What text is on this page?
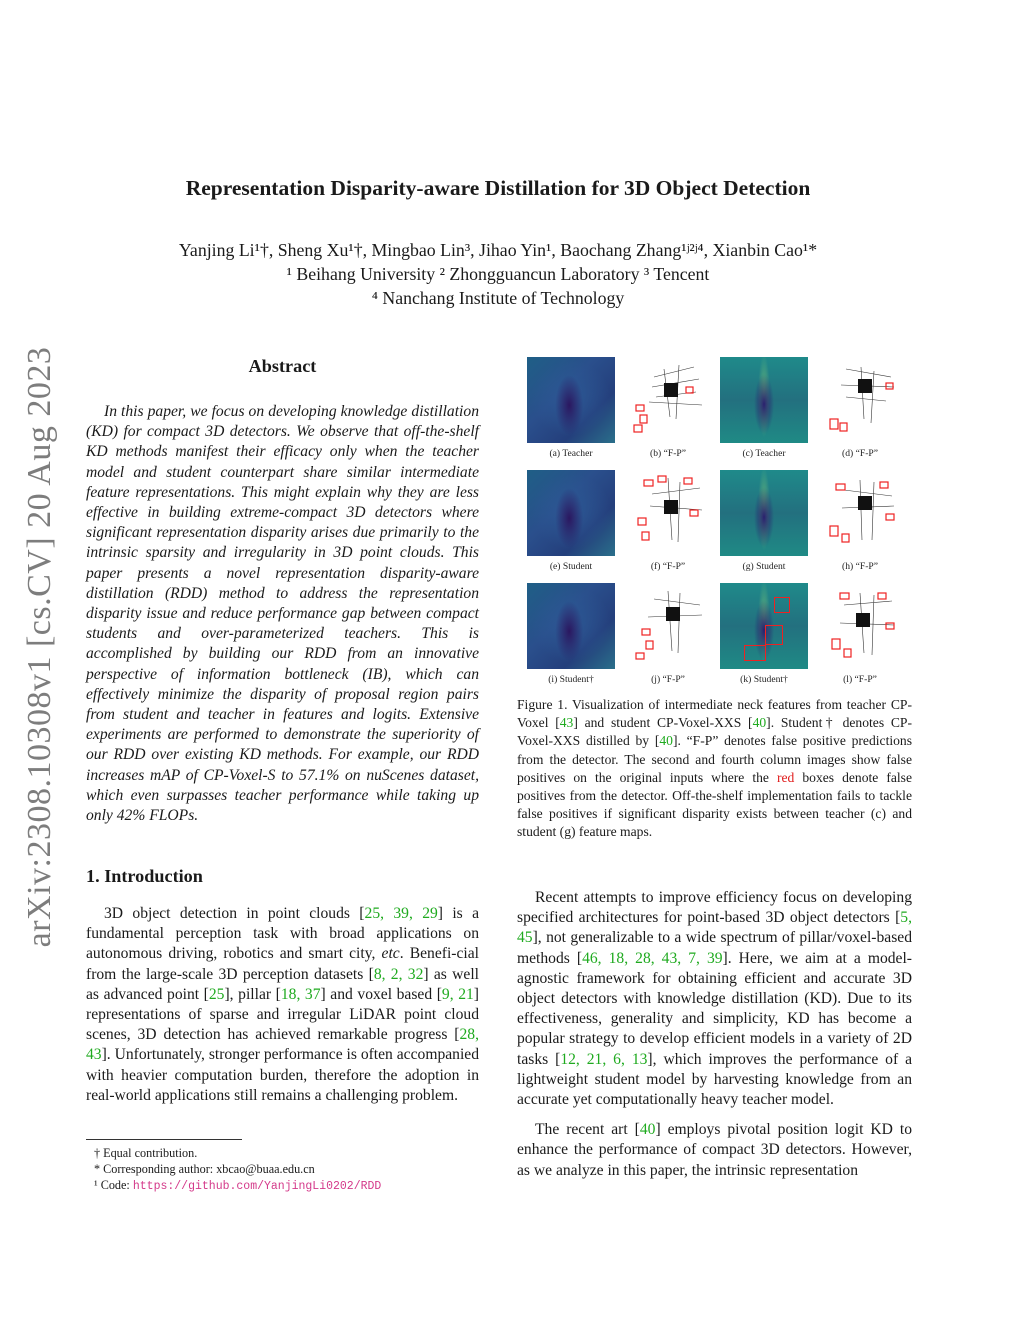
arXiv:2308.10308v1 [cs.CV] 20 Aug 2023
Representation Disparity-aware Distillation for 3D Object Detection
Yanjing Li¹†, Sheng Xu¹†, Mingbao Lin³, Jihao Yin¹, Baochang Zhang¹ʲ²ʲ⁴, Xianbin Cao¹*
¹ Beihang University ² Zhongguancun Laboratory ³ Tencent
⁴ Nanchang Institute of Technology
Abstract
In this paper, we focus on developing knowledge distillation (KD) for compact 3D detectors. We observe that off-the-shelf KD methods manifest their efficacy only when the teacher model and student counterpart share similar intermediate feature representations. This might explain why they are less effective in building extreme-compact 3D detectors where significant representation disparity arises due primarily to the intrinsic sparsity and irregularity in 3D point clouds. This paper presents a novel representation disparity-aware distillation (RDD) method to address the representation disparity issue and reduce performance gap between compact students and over-parameterized teachers. This is accomplished by building our RDD from an innovative perspective of information bottleneck (IB), which can effectively minimize the disparity of proposal region pairs from student and teacher in features and logits. Extensive experiments are performed to demonstrate the superiority of our RDD over existing KD methods. For example, our RDD increases mAP of CP-Voxel-S to 57.1% on nuScenes dataset, which even surpasses teacher performance while taking up only 42% FLOPs.
1. Introduction
3D object detection in point clouds [25, 39, 29] is a fundamental perception task with broad applications on autonomous driving, robotics and smart city, etc. Benefi-cial from the large-scale 3D perception datasets [8, 2, 32] as well as advanced point [25], pillar [18, 37] and voxel based [9, 21] representations of sparse and irregular LiDAR point cloud scenes, 3D detection has achieved remarkable progress [28, 43]. Unfortunately, stronger performance is often accompanied with heavier computation burden, therefore the adoption in real-world applications still remains a challenging problem.
† Equal contribution.
* Corresponding author: xbcao@buaa.edu.cn
¹ Code: https://github.com/YanjingLi0202/RDD
(a) Teacher	(b) “F-P”	(c) Teacher	(d) “F-P”
(e) Student	(f) “F-P”	(g) Student	(h) “F-P”
(i) Student†	(j) “F-P”	(k) Student†	(l) “F-P”
Figure 1. Visualization of intermediate neck features from teacher CP-Voxel [43] and student CP-Voxel-XXS [40]. Student† denotes CP-Voxel-XXS distilled by [40]. “F-P” denotes false positive predictions from the detector. The second and fourth column images show false positives on the original inputs where the red boxes denote false positives from the detector. Off-the-shelf implementation fails to tackle false positives if significant disparity exists between teacher (c) and student (g) feature maps.

Recent attempts to improve efficiency focus on developing specified architectures for point-based 3D object detectors [5, 45], not generalizable to a wide spectrum of pillar/voxel-based methods [46, 18, 28, 43, 7, 39]. Here, we aim at a model-agnostic framework for obtaining efficient and accurate 3D object detectors with knowledge distillation (KD). Due to its effectiveness, generality and simplicity, KD has become a popular strategy to develop efficient models in a variety of 2D tasks [12, 21, 6, 13], which improves the performance of a lightweight student model by harvesting knowledge from an accurate yet computationally heavy teacher model.

The recent art [40] employs pivotal position logit KD to enhance the performance of compact 3D detectors. However, as we analyze in this paper, the intrinsic representation
